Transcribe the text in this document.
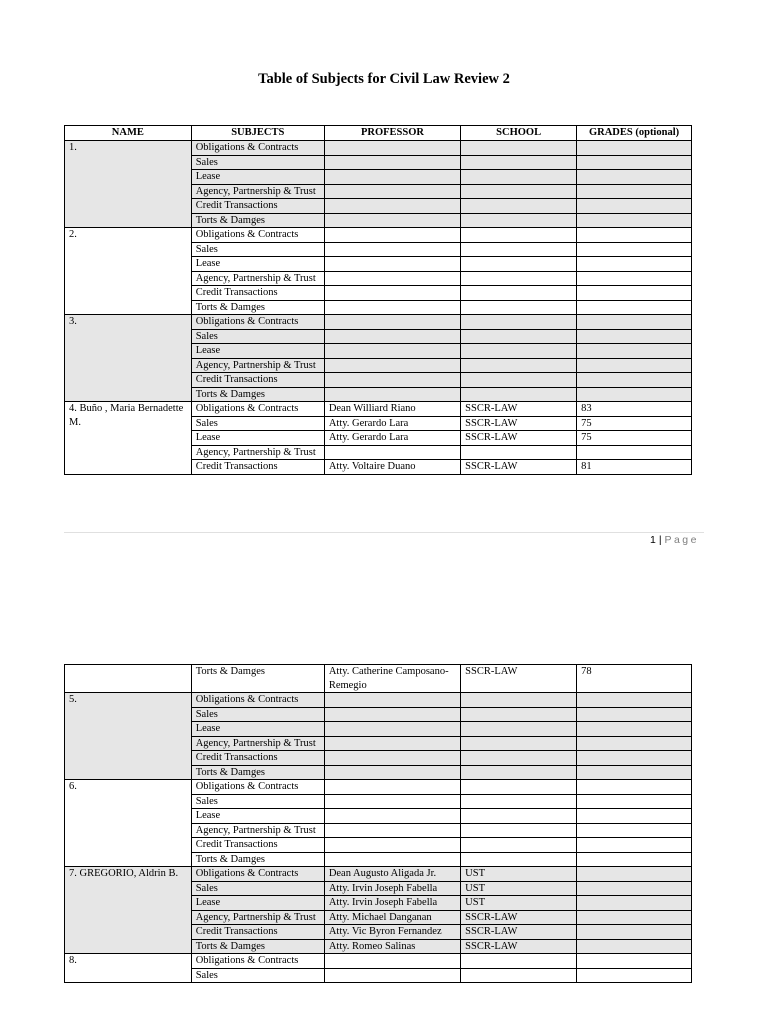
Table of Subjects for Civil Law Review 2
NAME	SUBJECTS	PROFESSOR	SCHOOL	GRADES (optional)
1.	Obligations & Contracts			
	Sales			
	Lease			
	Agency, Partnership & Trust			
	Credit Transactions			
	Torts & Damges			
2.	Obligations & Contracts			
	Sales			
	Lease			
	Agency, Partnership & Trust			
	Credit Transactions			
	Torts & Damges			
3.	Obligations & Contracts			
	Sales			
	Lease			
	Agency, Partnership & Trust			
	Credit Transactions			
	Torts & Damges			
4. Buño , Maria Bernadette M.	Obligations & Contracts	Dean Williard Riano	SSCR-LAW	83
	Sales	Atty. Gerardo Lara	SSCR-LAW	75
	Lease	Atty. Gerardo Lara	SSCR-LAW	75
	Agency, Partnership & Trust			
	Credit Transactions	Atty. Voltaire Duano	SSCR-LAW	81
1 | Page
	Torts & Damges	Atty. Catherine Camposano-Remegio	SSCR-LAW	78
5.	Obligations & Contracts			
	Sales			
	Lease			
	Agency, Partnership & Trust			
	Credit Transactions			
	Torts & Damges			
6.	Obligations & Contracts			
	Sales			
	Lease			
	Agency, Partnership & Trust			
	Credit Transactions			
	Torts & Damges			
7. GREGORIO, Aldrin B.	Obligations & Contracts	Dean Augusto Aligada Jr.	UST	
	Sales	Atty. Irvin Joseph Fabella	UST	
	Lease	Atty. Irvin Joseph Fabella	UST	
	Agency, Partnership & Trust	Atty. Michael Danganan	SSCR-LAW	
	Credit Transactions	Atty. Vic Byron Fernandez	SSCR-LAW	
	Torts & Damges	Atty. Romeo Salinas	SSCR-LAW	
8.	Obligations & Contracts			
	Sales			
